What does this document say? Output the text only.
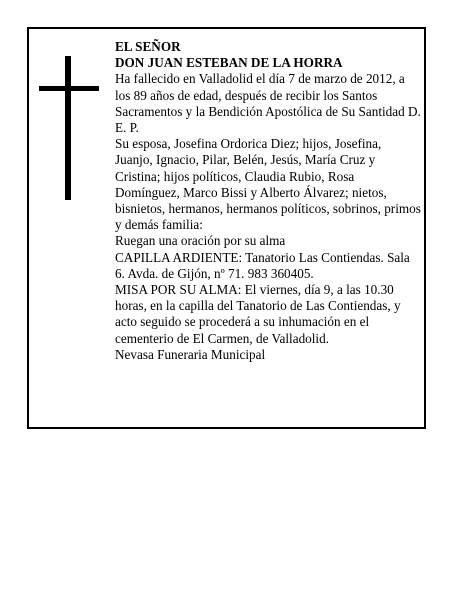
EL SEÑOR

DON JUAN ESTEBAN DE LA HORRA

Ha fallecido en Valladolid el día 7 de marzo de 2012, a los 89 años de edad, después de recibir los Santos Sacramentos y la Bendición Apostólica de Su Santidad D. E. P.

Su esposa, Josefina Ordorica Diez; hijos, Josefina, Juanjo, Ignacio, Pilar, Belén, Jesús, María Cruz y Cristina; hijos políticos, Claudia Rubio, Rosa Domínguez, Marco Bissi y Alberto Álvarez; nietos, bisnietos, hermanos, hermanos políticos, sobrinos, primos y demás familia:

Ruegan una oración por su alma

CAPILLA ARDIENTE: Tanatorio Las Contiendas. Sala 6. Avda. de Gijón, nº 71. 983 360405.

MISA POR SU ALMA: El viernes, día 9, a las 10.30 horas, en la capilla del Tanatorio de Las Contiendas, y acto seguido se procederá a su inhumación en el cementerio de El Carmen, de Valladolid.

Nevasa Funeraria Municipal
